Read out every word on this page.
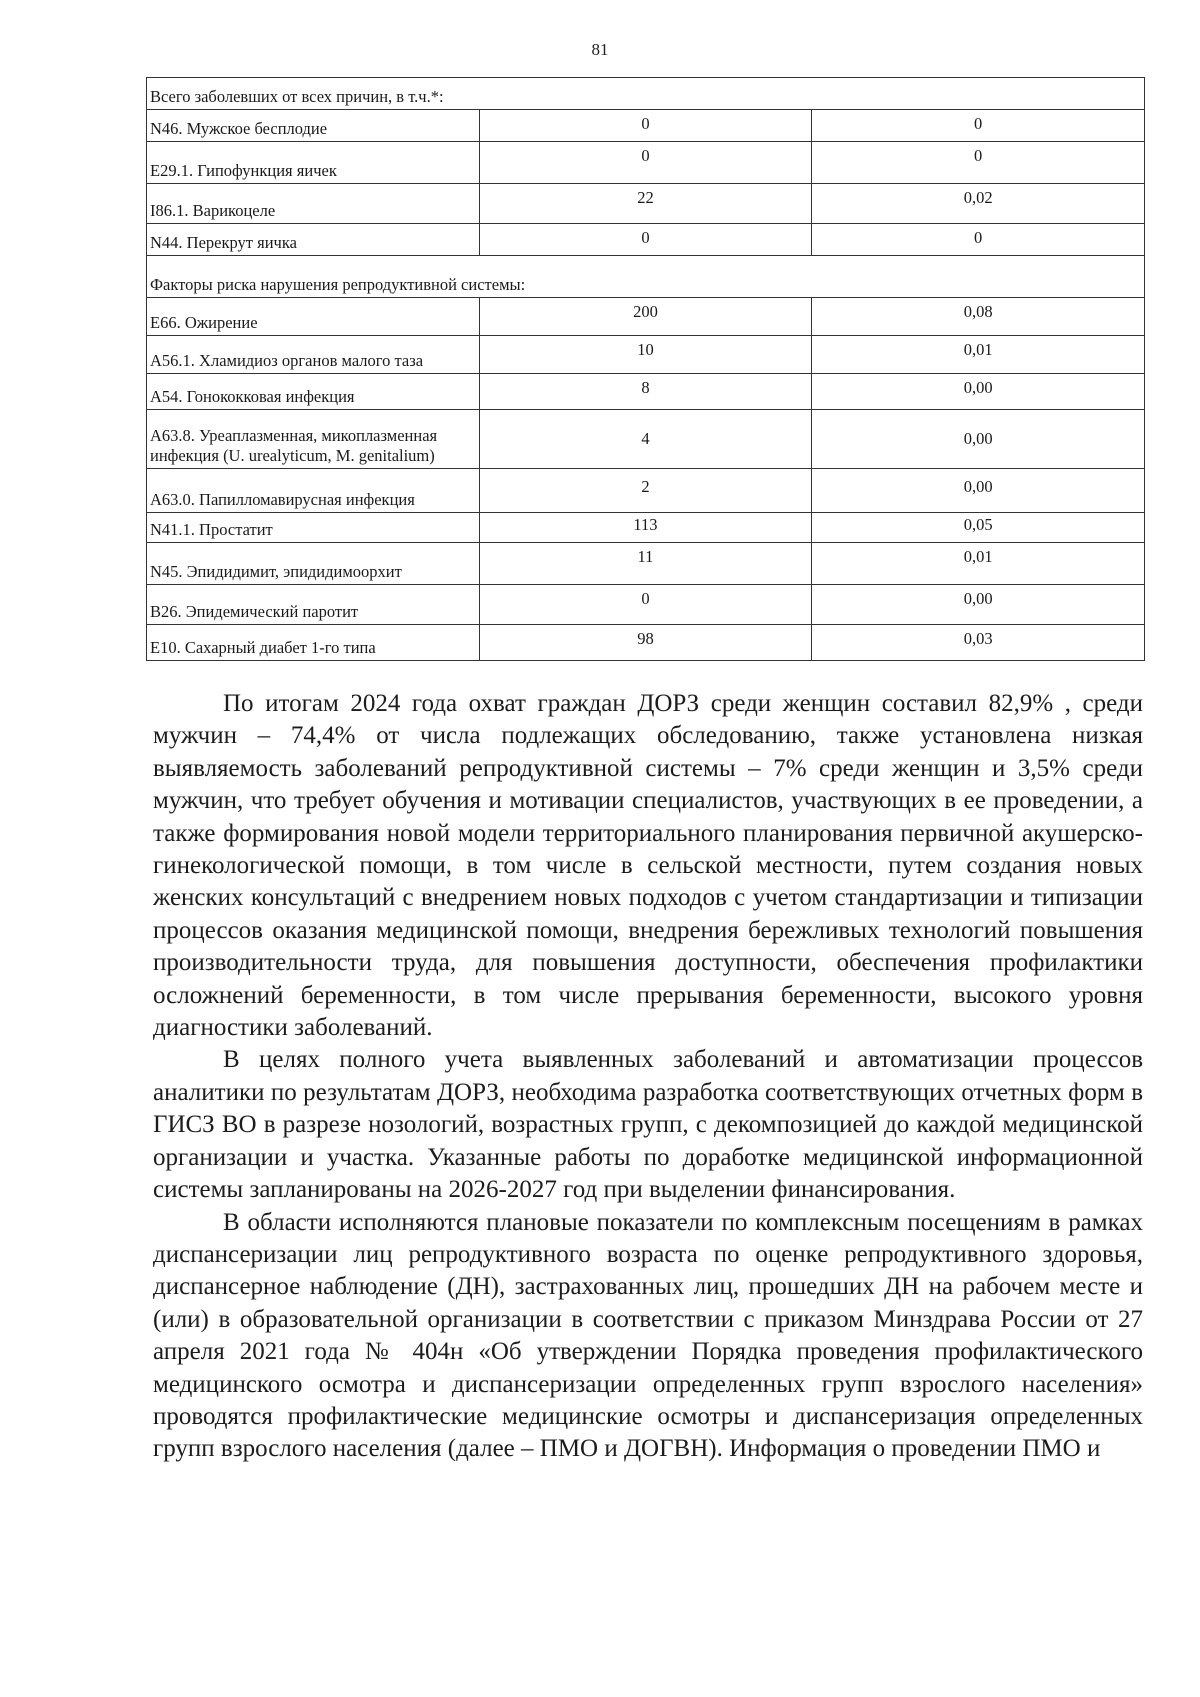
81
Всего заболевших от всех причин, в т.ч.*:		
N46. Мужское бесплодие	0	0
E29.1. Гипофункция яичек	0	0
I86.1. Варикоцеле	22	0,02
N44. Перекрут яичка	0	0
Факторы риска нарушения репродуктивной системы:		
E66. Ожирение	200	0,08
A56.1. Хламидиоз органов малого таза	10	0,01
A54. Гонококковая инфекция	8	0,00
A63.8. Уреаплазменная, микоплазменная инфекция (U. urealyticum, M. genitalium)	4	0,00
A63.0. Папилломавирусная инфекция	2	0,00
N41.1. Простатит	113	0,05
N45. Эпидидимит, эпидидимоорхит	11	0,01
B26. Эпидемический паротит	0	0,00
E10. Сахарный диабет 1-го типа	98	0,03

По итогам 2024 года охват граждан ДОРЗ среди женщин составил 82,9% , среди мужчин – 74,4% от числа подлежащих обследованию, также установлена низкая выявляемость заболеваний репродуктивной системы – 7% среди женщин и 3,5% среди мужчин, что требует обучения и мотивации специалистов, участвующих в ее проведении, а также формирования новой модели территориального планирования первичной акушерско-гинекологической помощи, в том числе в сельской местности, путем создания новых женских консультаций с внедрением новых подходов с учетом стандартизации и типизации процессов оказания медицинской помощи, внедрения бережливых технологий повышения производительности труда, для повышения доступности, обеспечения профилактики осложнений беременности, в том числе прерывания беременности, высокого уровня диагностики заболеваний.

В целях полного учета выявленных заболеваний и автоматизации процессов аналитики по результатам ДОРЗ, необходима разработка соответствующих отчетных форм в ГИСЗ ВО в разрезе нозологий, возрастных групп, с декомпозицией до каждой медицинской организации и участка. Указанные работы по доработке медицинской информационной системы запланированы на 2026-2027 год при выделении финансирования.

В области исполняются плановые показатели по комплексным посещениям в рамках диспансеризации лиц репродуктивного возраста по оценке репродуктивного здоровья, диспансерное наблюдение (ДН), застрахованных лиц, прошедших ДН на рабочем месте и (или) в образовательной организации в соответствии с приказом Минздрава России от 27 апреля 2021 года № 404н «Об утверждении Порядка проведения профилактического медицинского осмотра и диспансеризации определенных групп взрослого населения» проводятся профилактические медицинские осмотры и диспансеризация определенных групп взрослого населения (далее – ПМО и ДОГВН). Информация о проведении ПМО и
